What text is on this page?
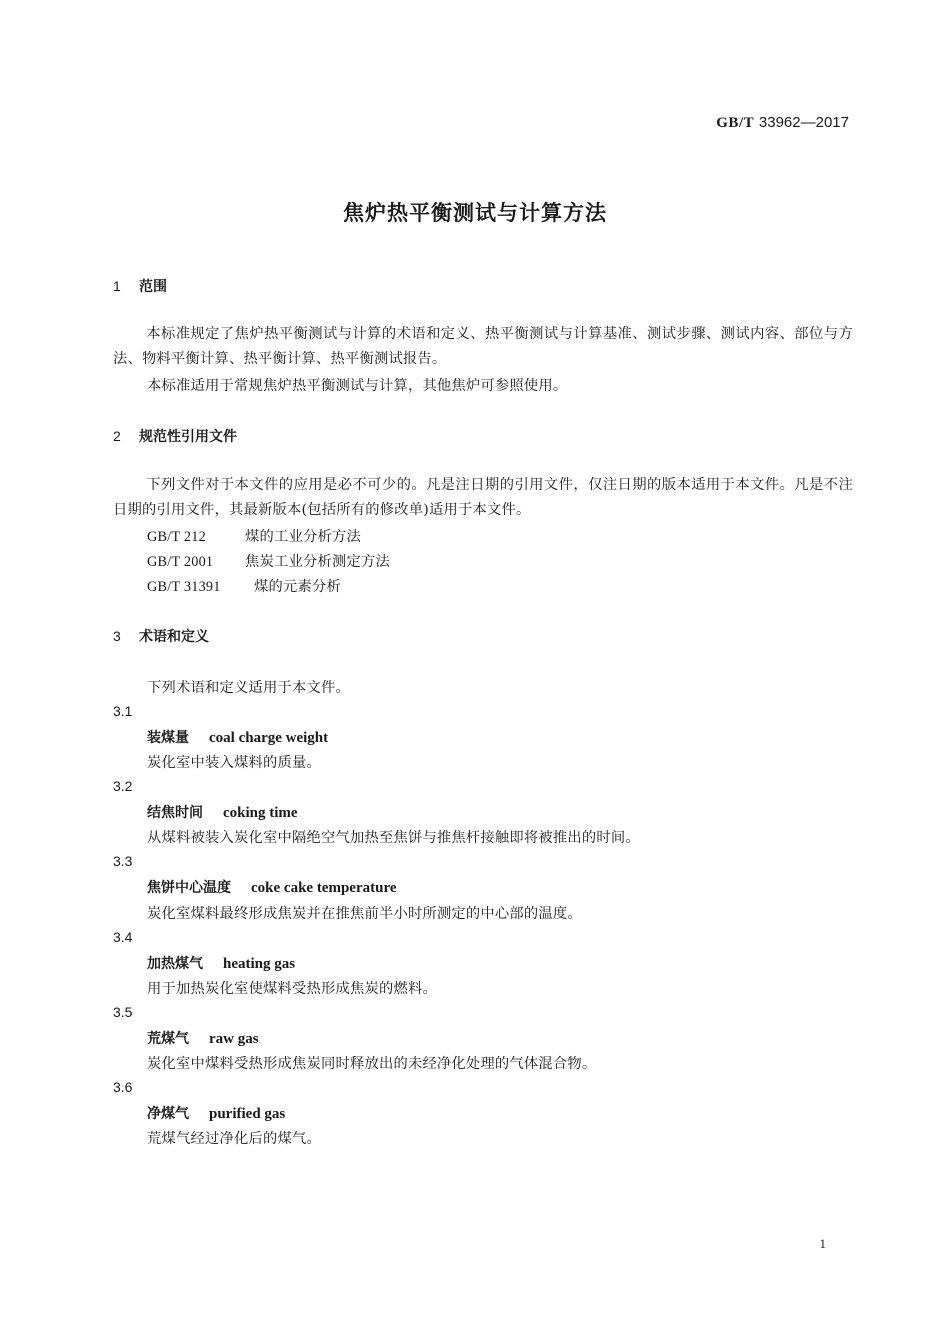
GB/T 33962—2017
焦炉热平衡测试与计算方法
1 范围
本标准规定了焦炉热平衡测试与计算的术语和定义、热平衡测试与计算基准、测试步骤、测试内容、部位与方法、物料平衡计算、热平衡计算、热平衡测试报告。
本标准适用于常规焦炉热平衡测试与计算，其他焦炉可参照使用。
2 规范性引用文件
下列文件对于本文件的应用是必不可少的。凡是注日期的引用文件，仅注日期的版本适用于本文件。凡是不注日期的引用文件，其最新版本(包括所有的修改单)适用于本文件。
GB/T 212	煤的工业分析方法
GB/T 2001 焦炭工业分析测定方法
GB/T 31391 煤的元素分析
3 术语和定义
下列术语和定义适用于本文件。
3.1
装煤量 coal charge weight
炭化室中装入煤料的质量。
3.2
结焦时间 coking time
从煤料被装入炭化室中隔绝空气加热至焦饼与推焦杆接触即将被推出的时间。
3.3
焦饼中心温度 coke cake temperature
炭化室煤料最终形成焦炭并在推焦前半小时所测定的中心部的温度。
3.4
加热煤气 heating gas
用于加热炭化室使煤料受热形成焦炭的燃料。
3.5
荒煤气 raw gas
炭化室中煤料受热形成焦炭同时释放出的未经净化处理的气体混合物。
3.6
净煤气 purified gas
荒煤气经过净化后的煤气。
1
